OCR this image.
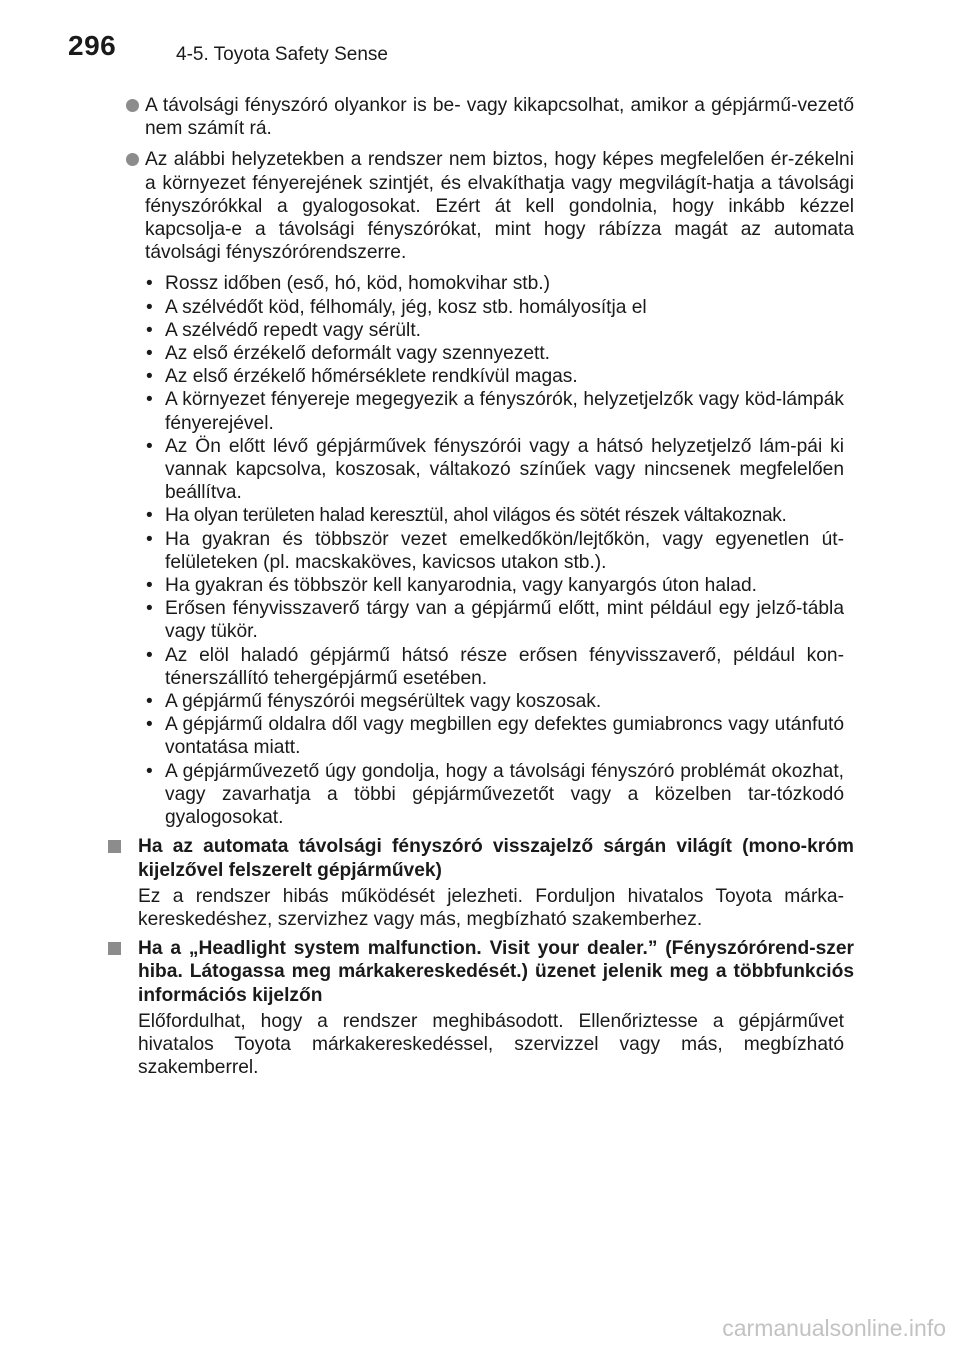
296	4-5. Toyota Safety Sense
A távolsági fényszóró olyankor is be- vagy kikapcsolhat, amikor a gépjármű-vezető nem számít rá.
Az alábbi helyzetekben a rendszer nem biztos, hogy képes megfelelően ér-zékelni a környezet fényerejének szintjét, és elvakíthatja vagy megvilágít-hatja a távolsági fényszórókkal a gyalogosokat. Ezért át kell gondolnia, hogy inkább kézzel kapcsolja-e a távolsági fényszórókat, mint hogy rábízza magát az automata távolsági fényszórórendszerre.
• Rossz időben (eső, hó, köd, homokvihar stb.)
• A szélvédőt köd, félhomály, jég, kosz stb. homályosítja el
• A szélvédő repedt vagy sérült.
• Az első érzékelő deformált vagy szennyezett.
• Az első érzékelő hőmérséklete rendkívül magas.
• A környezet fényereje megegyezik a fényszórók, helyzetjelzők vagy köd-lámpák fényerejével.
• Az Ön előtt lévő gépjárművek fényszórói vagy a hátsó helyzetjelző lám-pái ki vannak kapcsolva, koszosak, váltakozó színűek vagy nincsenek megfelelően beállítva.
• Ha olyan területen halad keresztül, ahol világos és sötét részek váltakoznak.
• Ha gyakran és többször vezet emelkedőkön/lejtőkön, vagy egyenetlen út-felületeken (pl. macskaköves, kavicsos utakon stb.).
• Ha gyakran és többször kell kanyarodnia, vagy kanyargós úton halad.
• Erősen fényvisszaverő tárgy van a gépjármű előtt, mint például egy jelző-tábla vagy tükör.
• Az elöl haladó gépjármű hátsó része erősen fényvisszaverő, például kon-ténerszállító tehergépjármű esetében.
• A gépjármű fényszórói megsérültek vagy koszosak.
• A gépjármű oldalra dől vagy megbillen egy defektes gumiabroncs vagy utánfutó vontatása miatt.
• A gépjárművezető úgy gondolja, hogy a távolsági fényszóró problémát okozhat, vagy zavarhatja a többi gépjárművezetőt vagy a közelben tar-tózkodó gyalogosokat.
Ha az automata távolsági fényszóró visszajelző sárgán világít (mono-króm kijelzővel felszerelt gépjárművek)
Ez a rendszer hibás működését jelezheti. Forduljon hivatalos Toyota márka-kereskedéshez, szervizhez vagy más, megbízható szakemberhez.
Ha a „Headlight system malfunction. Visit your dealer.” (Fényszórórend-szer hiba. Látogassa meg márkakereskedését.) üzenet jelenik meg a többfunkciós információs kijelzőn
Előfordulhat, hogy a rendszer meghibásodott. Ellenőriztesse a gépjárművet hivatalos Toyota márkakereskedéssel, szervizzel vagy más, megbízható szakemberrel.
carmanualsonline.info
